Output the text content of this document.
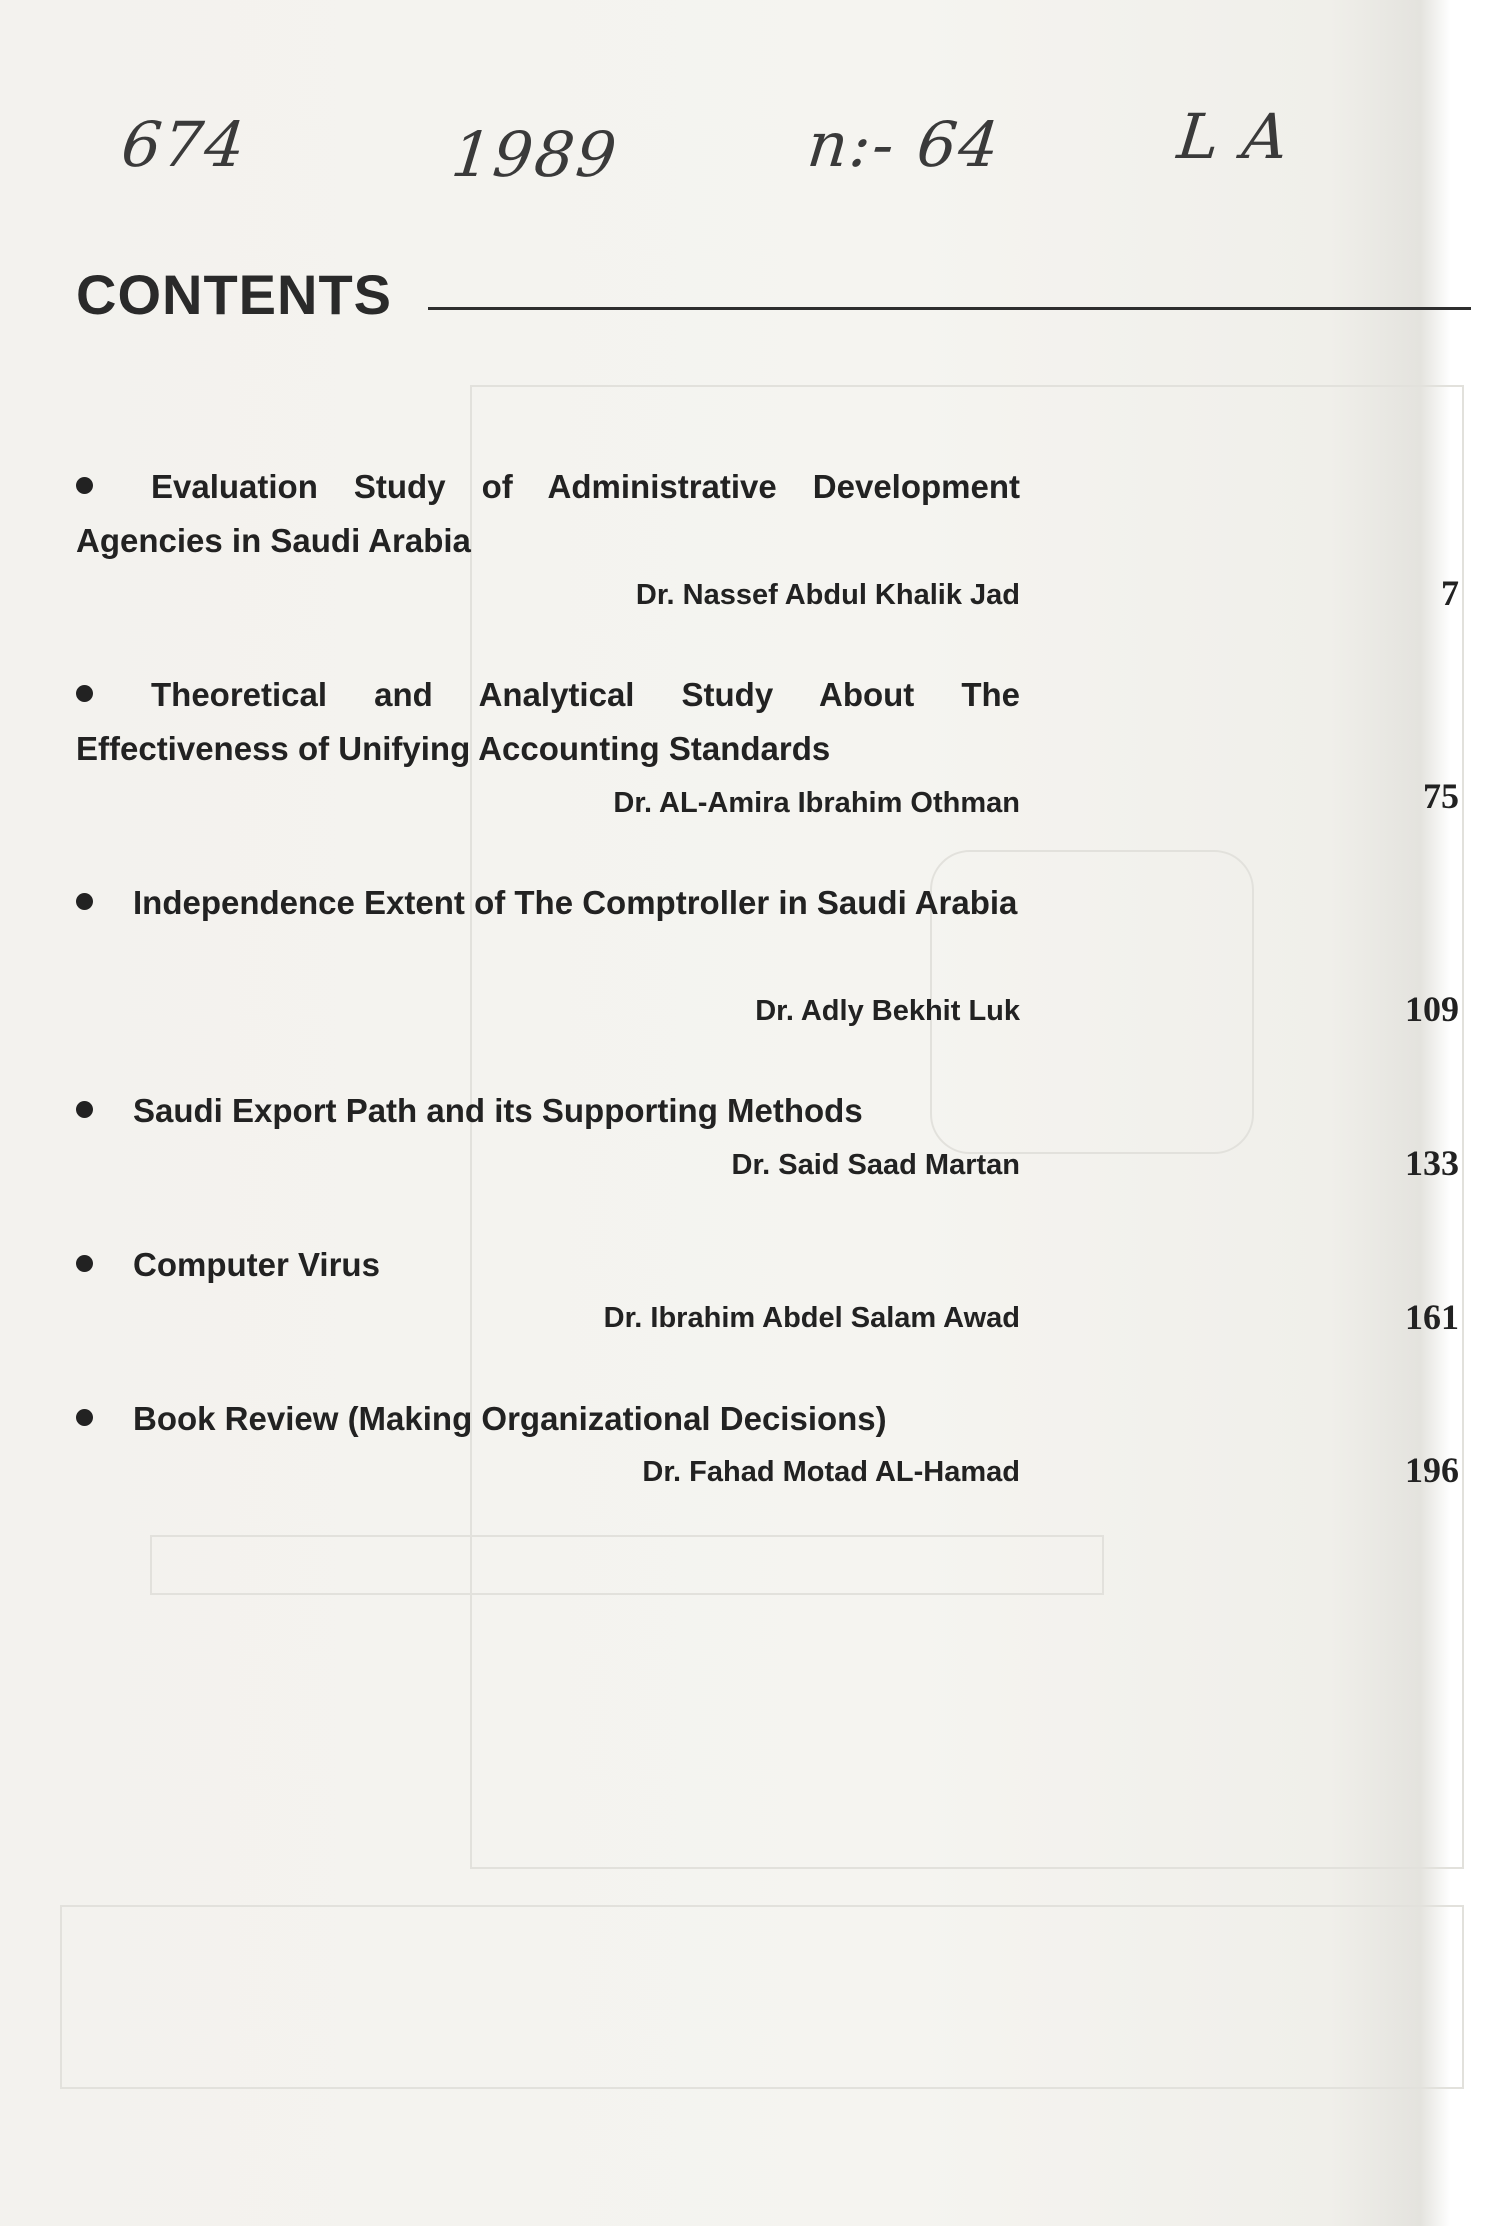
674	1989	n:- 64	L A
CONTENTS
Evaluation Study of Administrative Development Agencies in Saudi Arabia
Dr. Nassef Abdul Khalik Jad	7
Theoretical and Analytical Study About The Effectiveness of Unifying Accounting Standards
Dr. AL-Amira Ibrahim Othman	75
Independence Extent of The Comptroller in Saudi Arabia
Dr. Adly Bekhit Luk	109
Saudi Export Path and its Supporting Methods
Dr. Said Saad Martan	133
Computer Virus
Dr. Ibrahim Abdel Salam Awad	161
Book Review (Making Organizational Decisions)
Dr. Fahad Motad AL-Hamad	196
